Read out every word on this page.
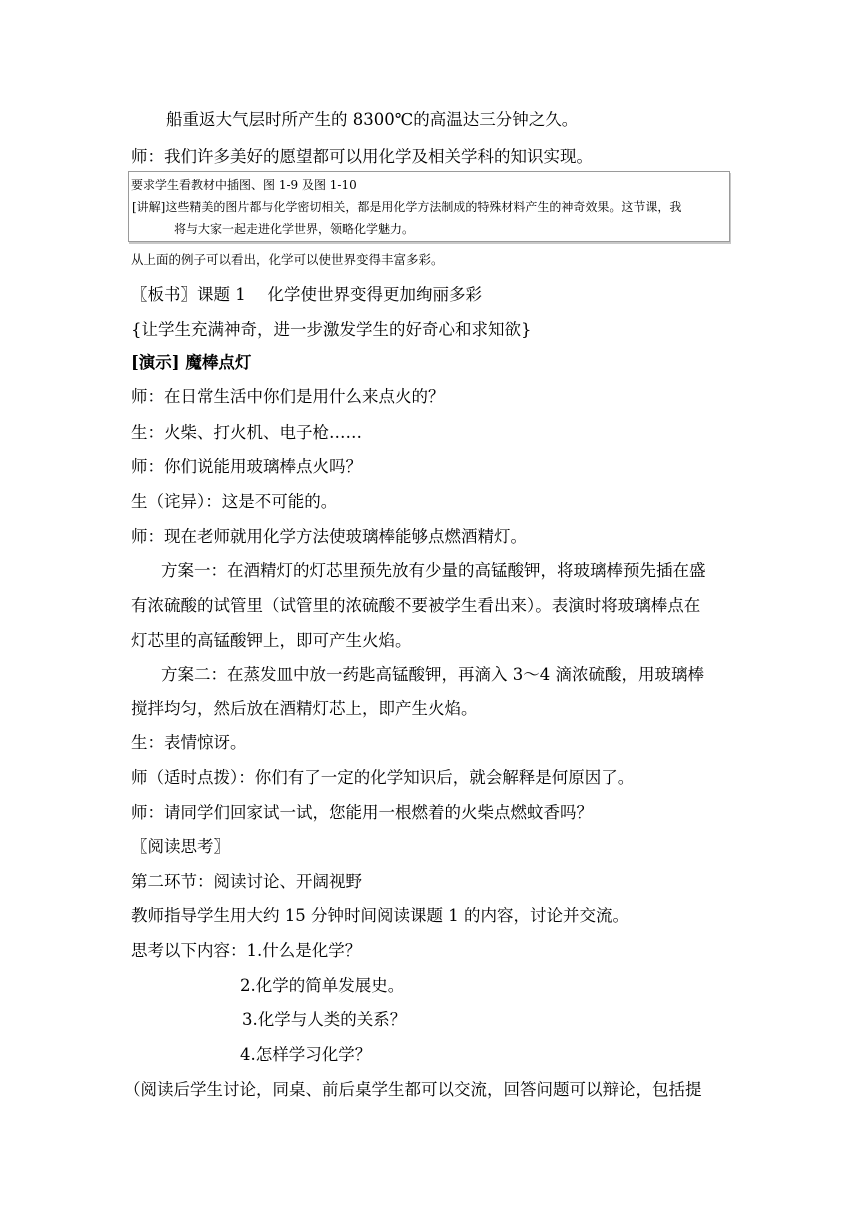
船重返大气层时所产生的 8300℃的高温达三分钟之久。
师：我们许多美好的愿望都可以用化学及相关学科的知识实现。
要求学生看教材中插图、图 1-9 及图 1-10
[讲解]这些精美的图片都与化学密切相关，都是用化学方法制成的特殊材料产生的神奇效果。这节课，我
将与大家一起走进化学世界，领略化学魅力。
从上面的例子可以看出，化学可以使世界变得丰富多彩。
〖板书〗课题 1　 化学使世界变得更加绚丽多彩
{让学生充满神奇，进一步激发学生的好奇心和求知欲}
[演示] 魔棒点灯
师：在日常生活中你们是用什么来点火的？
生：火柴、打火机、电子枪……
师：你们说能用玻璃棒点火吗？
生（诧异）：这是不可能的。
师：现在老师就用化学方法使玻璃棒能够点燃酒精灯。
方案一：在酒精灯的灯芯里预先放有少量的高锰酸钾，将玻璃棒预先插在盛
有浓硫酸的试管里（试管里的浓硫酸不要被学生看出来）。表演时将玻璃棒点在
灯芯里的高锰酸钾上，即可产生火焰。
方案二：在蒸发皿中放一药匙高锰酸钾，再滴入 3～4 滴浓硫酸，用玻璃棒
搅拌均匀，然后放在酒精灯芯上，即产生火焰。
生：表情惊讶。
师（适时点拨）：你们有了一定的化学知识后，就会解释是何原因了。
师：请同学们回家试一试，您能用一根燃着的火柴点燃蚊香吗？
〖阅读思考〗
第二环节：阅读讨论、开阔视野
教师指导学生用大约 15 分钟时间阅读课题 1 的内容，讨论并交流。
思考以下内容：1.什么是化学？
2.化学的简单发展史。
3.化学与人类的关系？
4.怎样学习化学？
（阅读后学生讨论，同桌、前后桌学生都可以交流，回答问题可以辩论，包括提
